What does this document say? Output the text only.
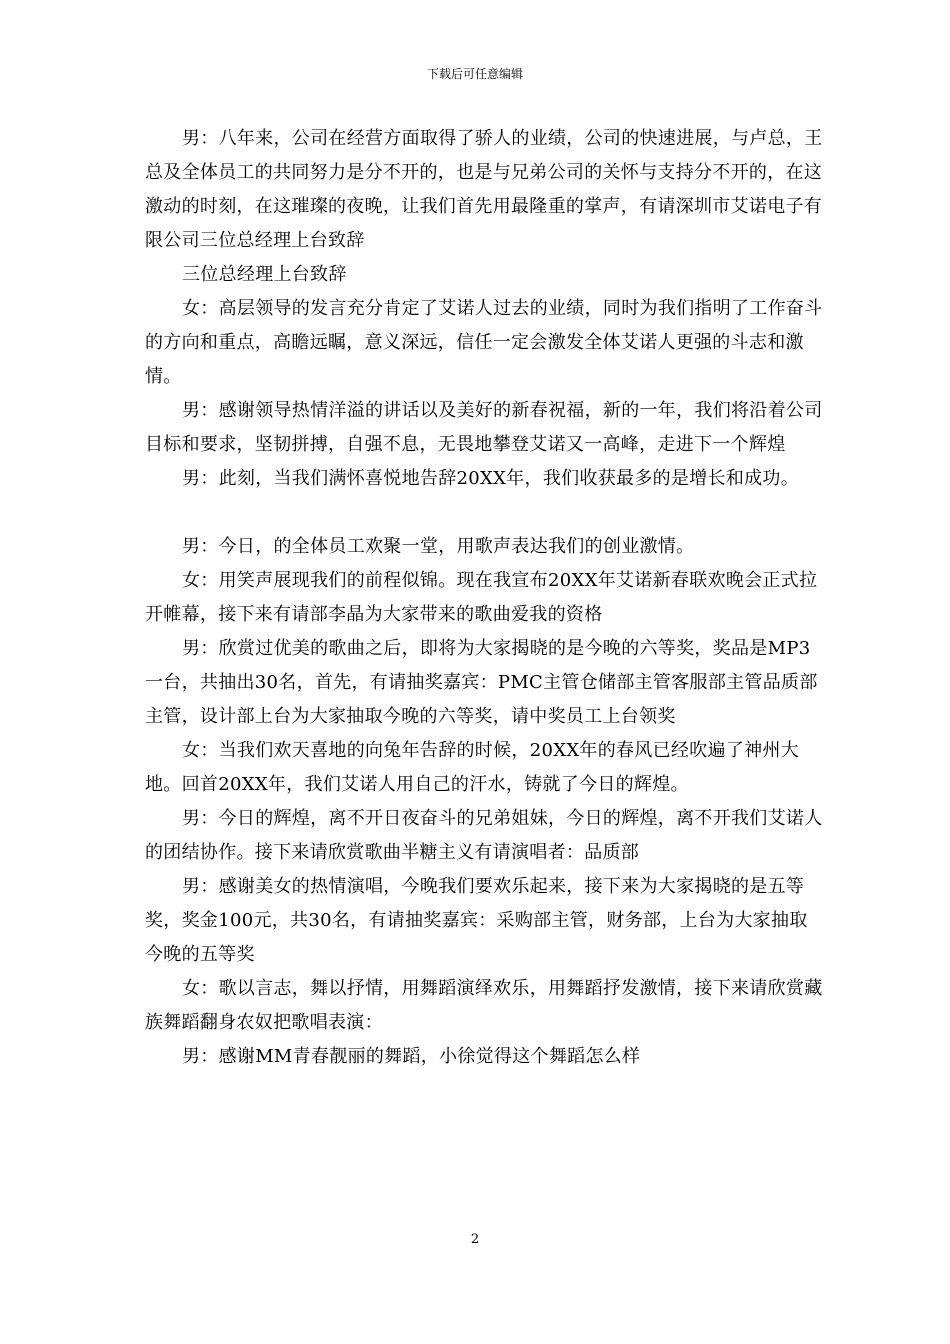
下载后可任意编辑

男：八年来，公司在经营方面取得了骄人的业绩，公司的快速进展，与卢总，王总及全体员工的共同努力是分不开的，也是与兄弟公司的关怀与支持分不开的，在这激动的时刻，在这璀璨的夜晚，让我们首先用最隆重的掌声，有请深圳市艾诺电子有限公司三位总经理上台致辞

三位总经理上台致辞

女：高层领导的发言充分肯定了艾诺人过去的业绩，同时为我们指明了工作奋斗的方向和重点，高瞻远瞩，意义深远，信任一定会激发全体艾诺人更强的斗志和激情。

男：感谢领导热情洋溢的讲话以及美好的新春祝福，新的一年，我们将沿着公司目标和要求，坚韧拼搏，自强不息，无畏地攀登艾诺又一高峰，走进下一个辉煌

男：此刻，当我们满怀喜悦地告辞20XX年，我们收获最多的是增长和成功。

男：今日，的全体员工欢聚一堂，用歌声表达我们的创业激情。

女：用笑声展现我们的前程似锦。现在我宣布20XX年艾诺新春联欢晚会正式拉开帷幕，接下来有请部李晶为大家带来的歌曲爱我的资格

男：欣赏过优美的歌曲之后，即将为大家揭晓的是今晚的六等奖，奖品是MP3一台，共抽出30名，首先，有请抽奖嘉宾：PMC主管仓储部主管客服部主管品质部主管，设计部上台为大家抽取今晚的六等奖，请中奖员工上台领奖

女：当我们欢天喜地的向兔年告辞的时候，20XX年的春风已经吹遍了神州大地。回首20XX年，我们艾诺人用自己的汗水，铸就了今日的辉煌。

男：今日的辉煌，离不开日夜奋斗的兄弟姐妹，今日的辉煌，离不开我们艾诺人的团结协作。接下来请欣赏歌曲半糖主义有请演唱者：品质部

男：感谢美女的热情演唱，今晚我们要欢乐起来，接下来为大家揭晓的是五等奖，奖金100元，共30名，有请抽奖嘉宾：采购部主管，财务部，上台为大家抽取今晚的五等奖

女：歌以言志，舞以抒情，用舞蹈演绎欢乐，用舞蹈抒发激情，接下来请欣赏藏族舞蹈翻身农奴把歌唱表演：

男：感谢MM青春靓丽的舞蹈，小徐觉得这个舞蹈怎么样

2
